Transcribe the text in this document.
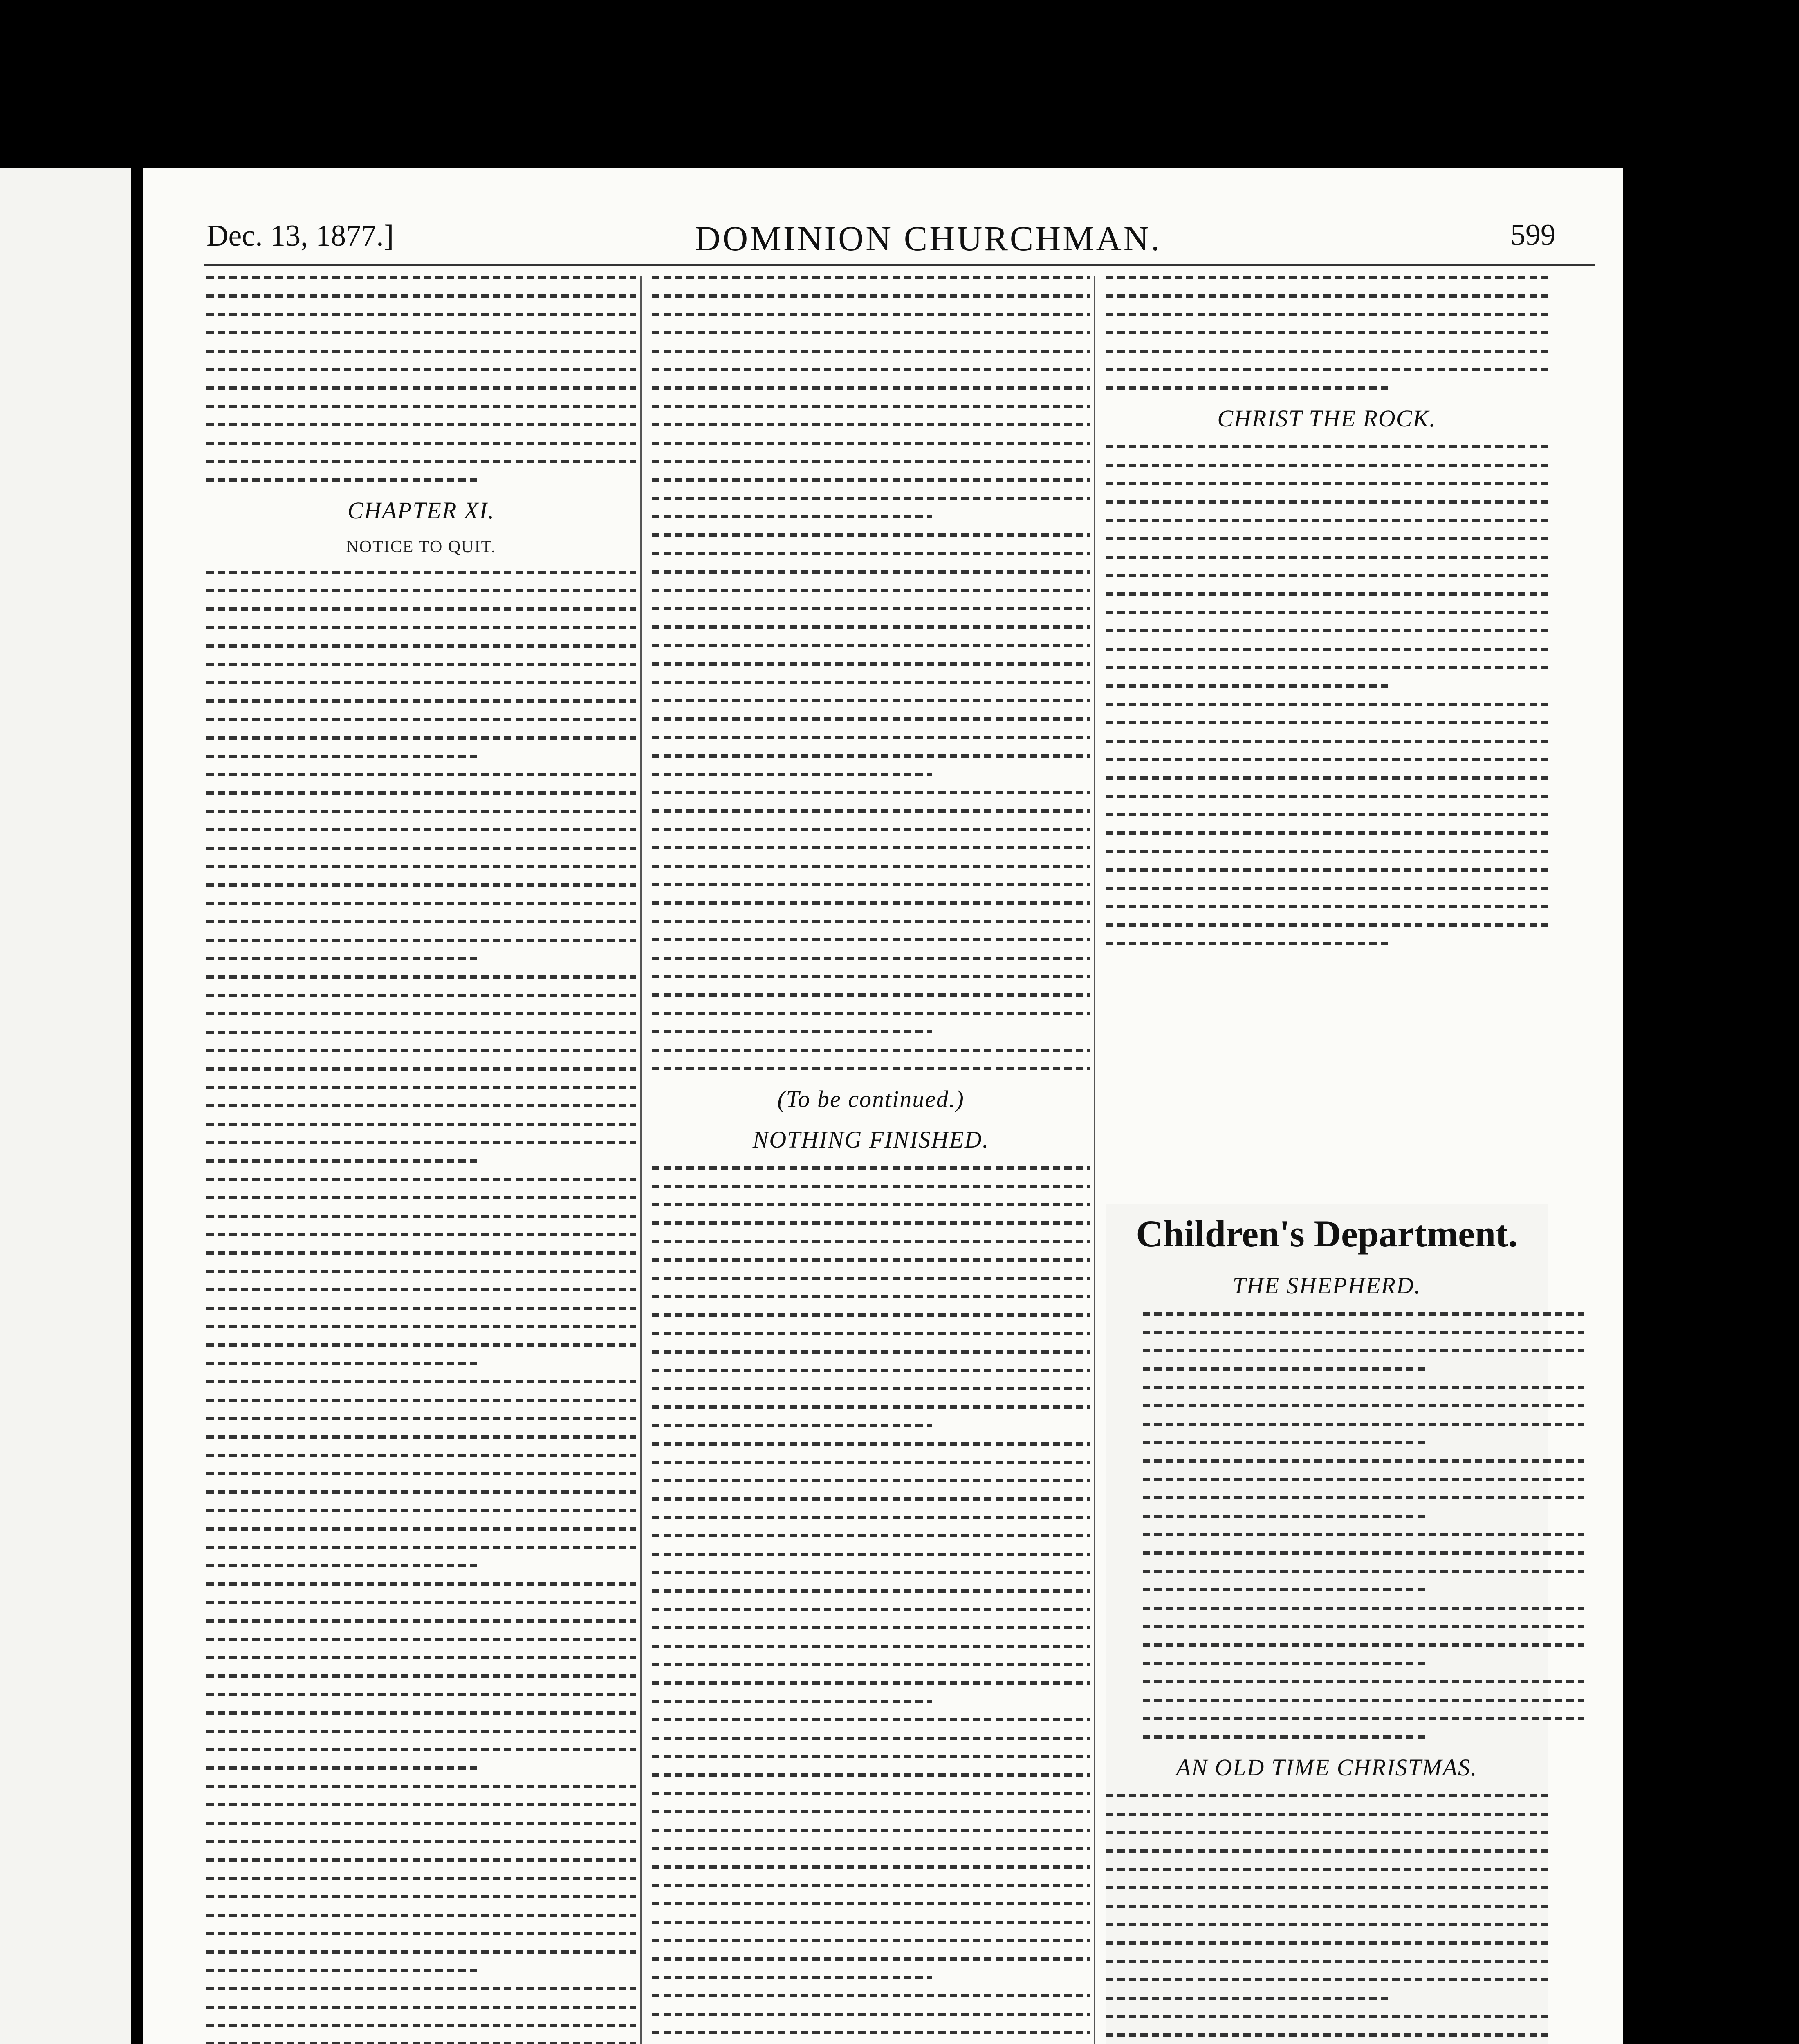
Dec. 13, 1877.]	DOMINION CHURCHMAN.	599
CHAPTER XI.
NOTICE TO QUIT.
(To be continued.)
NOTHING FINISHED.
CHRIST THE ROCK.
Children's Department.
THE SHEPHERD.
AN OLD TIME CHRISTMAS.
